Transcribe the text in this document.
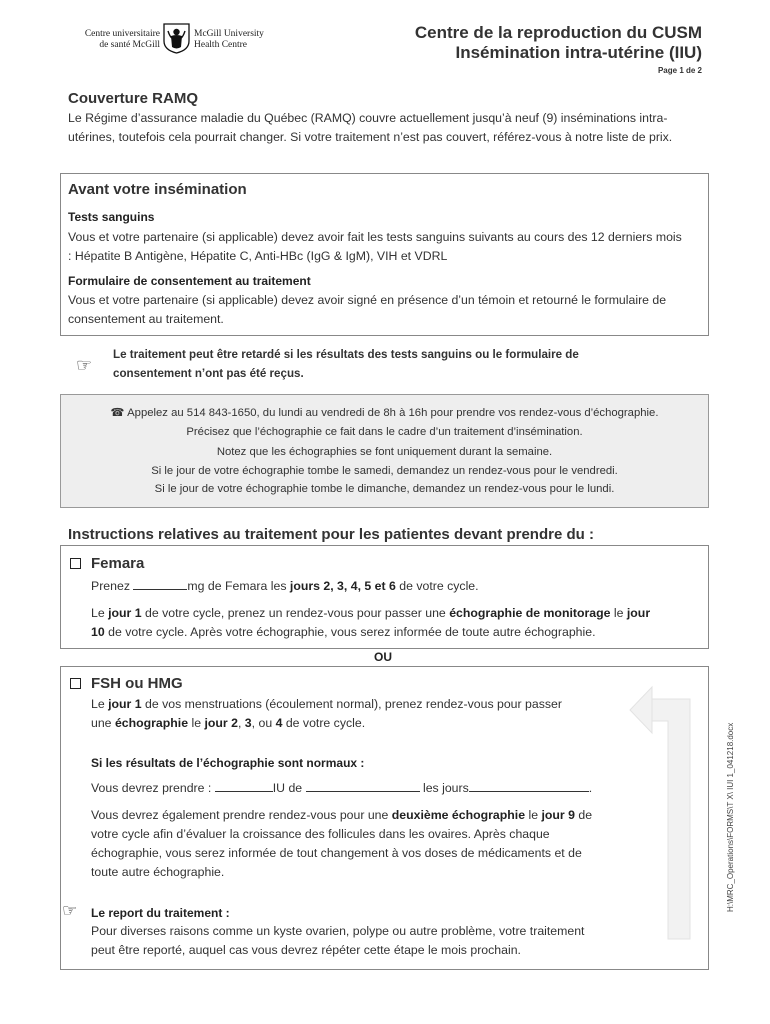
Centre universitaire
de santé McGill
McGill University
Health Centre
Centre de la reproduction du CUSM
Insémination intra-utérine (IIU)
Page 1 de 2
Couverture RAMQ
Le Régime d’assurance maladie du Québec (RAMQ) couvre actuellement jusqu’à neuf (9) inséminations intra-utérines, toutefois cela pourrait changer. Si votre traitement n’est pas couvert, référez-vous à notre liste de prix.
Avant votre insémination
Tests sanguins
Vous et votre partenaire (si applicable) devez avoir fait les tests sanguins suivants au cours des 12 derniers mois : Hépatite B Antigène, Hépatite C, Anti-HBc (IgG & IgM), VIH et VDRL
Formulaire de consentement au traitement
Vous et votre partenaire (si applicable) devez avoir signé en présence d’un témoin et retourné le formulaire de consentement au traitement.
☞
Le traitement peut être retardé si les résultats des tests sanguins ou le formulaire de
consentement n’ont pas été reçus.
☎ Appelez au 514 843-1650, du lundi au vendredi de 8h à 16h pour prendre vos rendez-vous d’échographie.
Précisez que l’échographie ce fait dans le cadre d’un traitement d’insémination.
Notez que les échographies se font uniquement durant la semaine.
Si le jour de votre échographie tombe le samedi, demandez un rendez-vous pour le vendredi.
Si le jour de votre échographie tombe le dimanche, demandez un rendez-vous pour le lundi.
Instructions relatives au traitement pour les patientes devant prendre du :
Femara
Prenez	mg de Femara les jours 2, 3, 4, 5 et 6 de votre cycle.
Le jour 1 de votre cycle, prenez un rendez-vous pour passer une échographie de monitorage le jour
10 de votre cycle. Après votre échographie, vous serez informée de toute autre échographie.
OU
FSH ou HMG
Le jour 1 de vos menstruations (écoulement normal), prenez rendez-vous pour passer
une échographie le jour 2, 3, ou 4 de votre cycle.
Si les résultats de l’échographie sont normaux :
Vous devrez prendre :	IU de	les jours	.
Vous devrez également prendre rendez-vous pour une deuxième échographie le jour 9 de
votre cycle afin d’évaluer la croissance des follicules dans les ovaires. Après chaque
échographie, vous serez informée de tout changement à vos doses de médicaments et de
toute autre échographie.
☞ Le report du traitement :
Pour diverses raisons comme un kyste ovarien, polype ou autre problème, votre traitement
peut être reporté, auquel cas vous devrez répéter cette étape le mois prochain.
H:\MRC_Operations\FORMS\T X\ IUI 1_041218.docx
